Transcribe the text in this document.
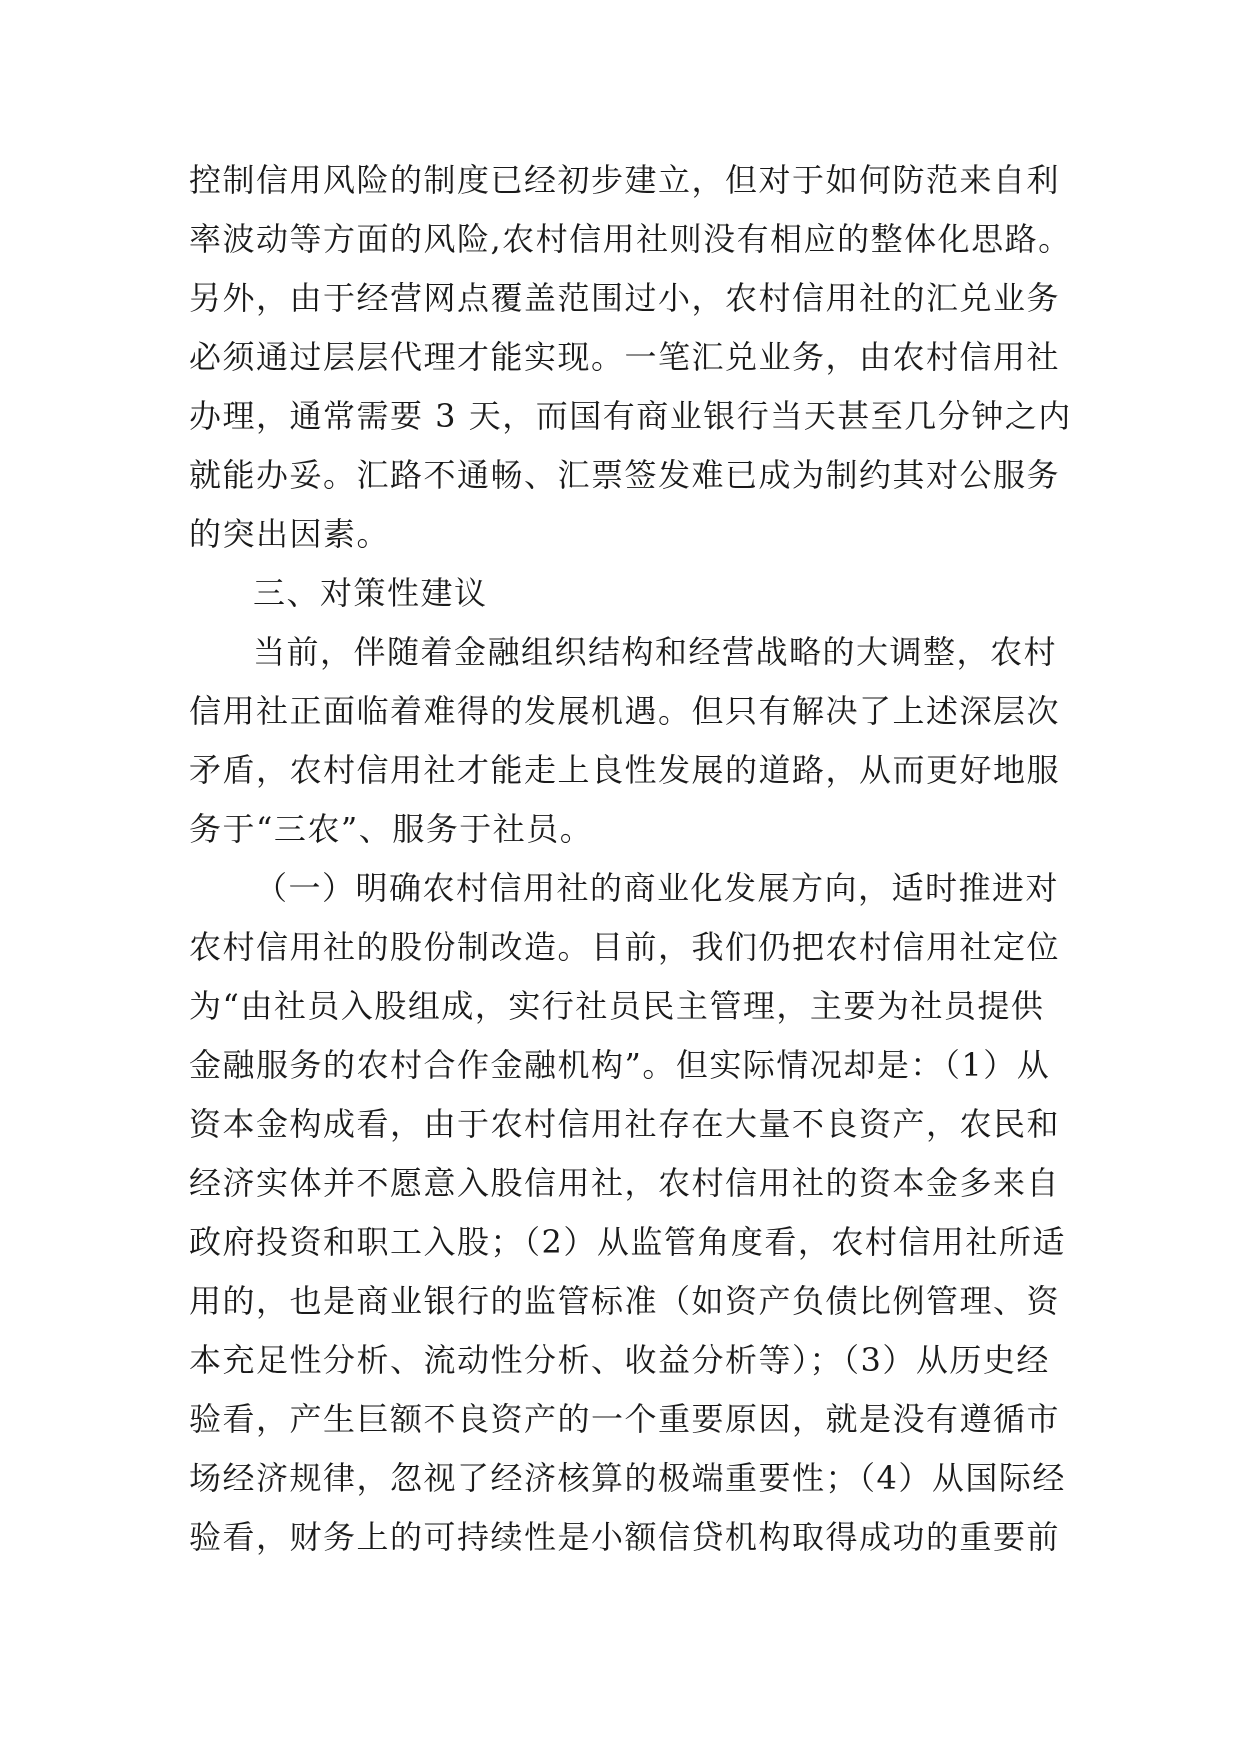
控制信用风险的制度已经初步建立，但对于如何防范来自利
率波动等方面的风险,农村信用社则没有相应的整体化思路。
另外，由于经营网点覆盖范围过小，农村信用社的汇兑业务
必须通过层层代理才能实现。一笔汇兑业务，由农村信用社
办理，通常需要 3 天，而国有商业银行当天甚至几分钟之内
就能办妥。汇路不通畅、汇票签发难已成为制约其对公服务
的突出因素。
三、对策性建议
当前，伴随着金融组织结构和经营战略的大调整，农村
信用社正面临着难得的发展机遇。但只有解决了上述深层次
矛盾，农村信用社才能走上良性发展的道路，从而更好地服
务于“三农”、服务于社员。
（一）明确农村信用社的商业化发展方向，适时推进对
农村信用社的股份制改造。目前，我们仍把农村信用社定位
为“由社员入股组成，实行社员民主管理，主要为社员提供
金融服务的农村合作金融机构”。但实际情况却是：（1）从
资本金构成看，由于农村信用社存在大量不良资产，农民和
经济实体并不愿意入股信用社，农村信用社的资本金多来自
政府投资和职工入股；（2）从监管角度看，农村信用社所适
用的，也是商业银行的监管标准（如资产负债比例管理、资
本充足性分析、流动性分析、收益分析等）；（3）从历史经
验看，产生巨额不良资产的一个重要原因，就是没有遵循市
场经济规律，忽视了经济核算的极端重要性；（4）从国际经
验看，财务上的可持续性是小额信贷机构取得成功的重要前
